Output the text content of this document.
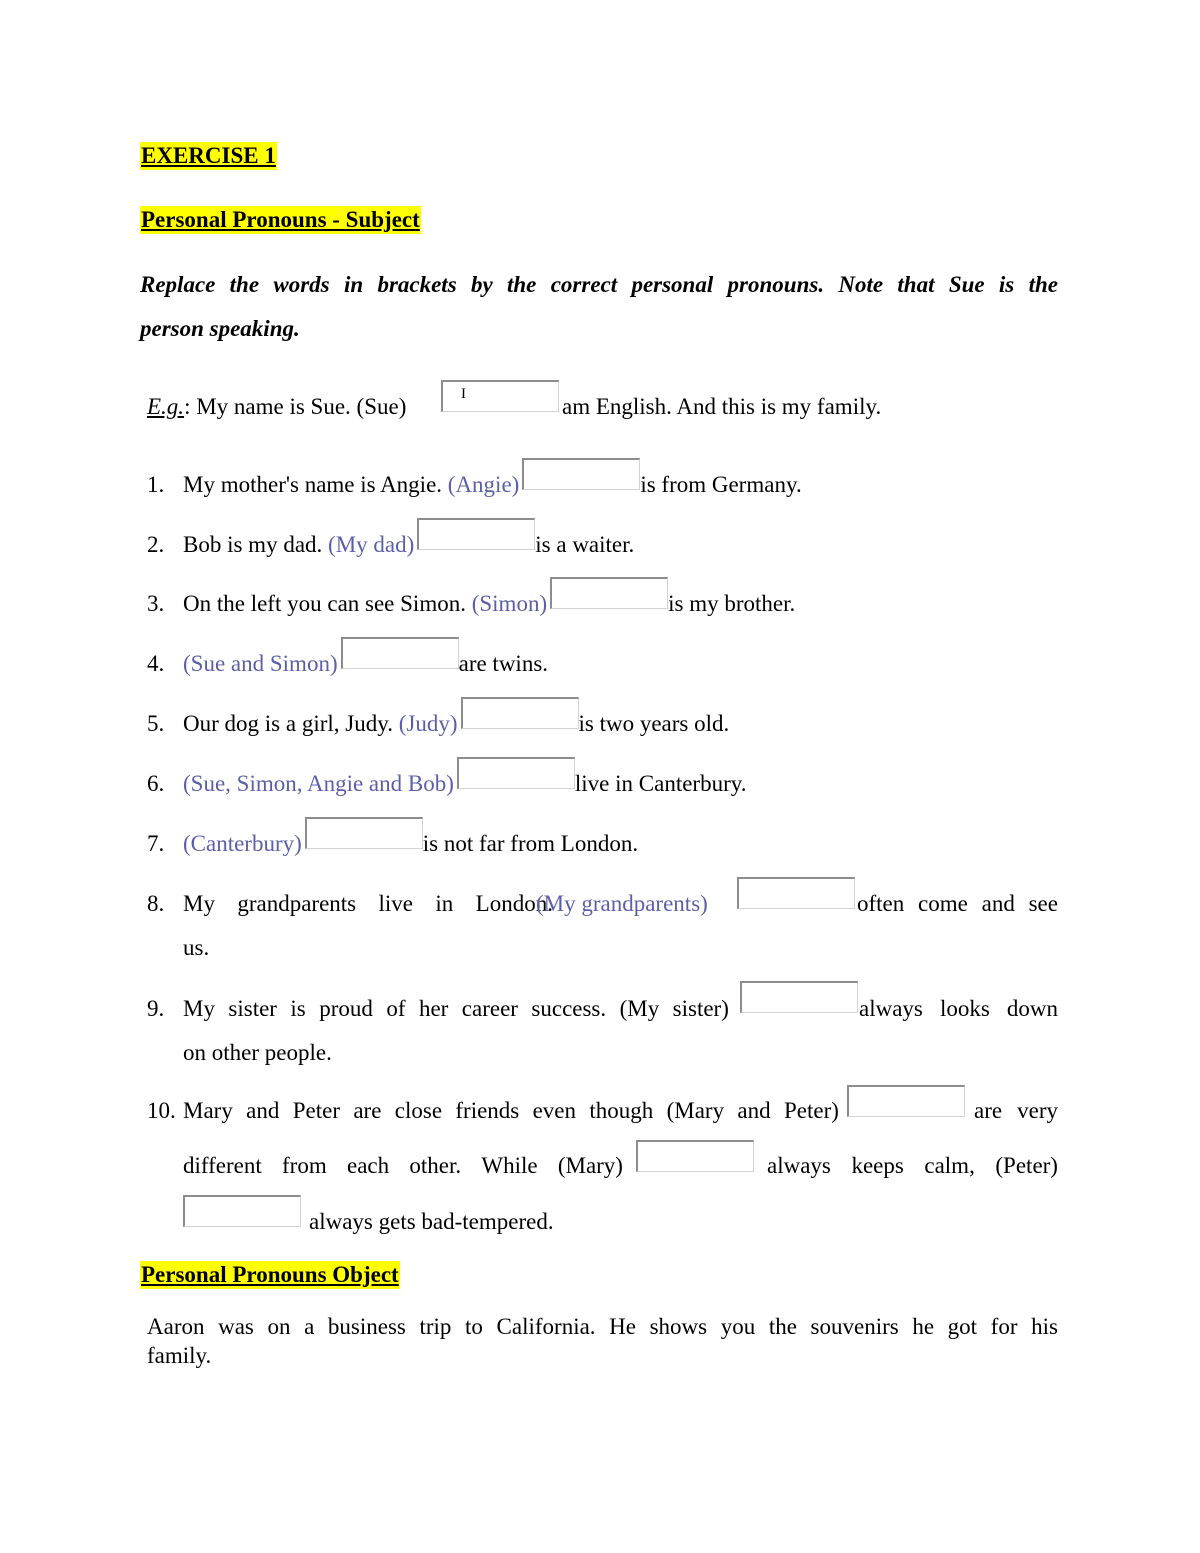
EXERCISE 1
Personal Pronouns - Subject
Replace the words in brackets by the correct personal pronouns. Note that Sue is the
person speaking.
E.g.: My name is Sue. (Sue)	I	am English. And this is my family.
1. My mother's name is Angie. (Angie)	is from Germany.
2. Bob is my dad. (My dad)	is a waiter.
3. On the left you can see Simon. (Simon)	is my brother.
4. (Sue and Simon)	are twins.
5. Our dog is a girl, Judy. (Judy)	is two years old.
6. (Sue, Simon, Angie and Bob)	live in Canterbury.
7. (Canterbury)	is not far from London.
8. My grandparents live in London.
(My grandparents)	often come and see
us.
9. My sister is proud of her career success. (My sister)	always looks down
on other people.
10. Mary and Peter are close friends even though (Mary and Peter)	are very
different from each other. While (Mary)	always keeps calm, (Peter)
always gets bad-tempered.
Personal Pronouns Object
Aaron was on a business trip to California. He shows you the souvenirs he got for his
family.
